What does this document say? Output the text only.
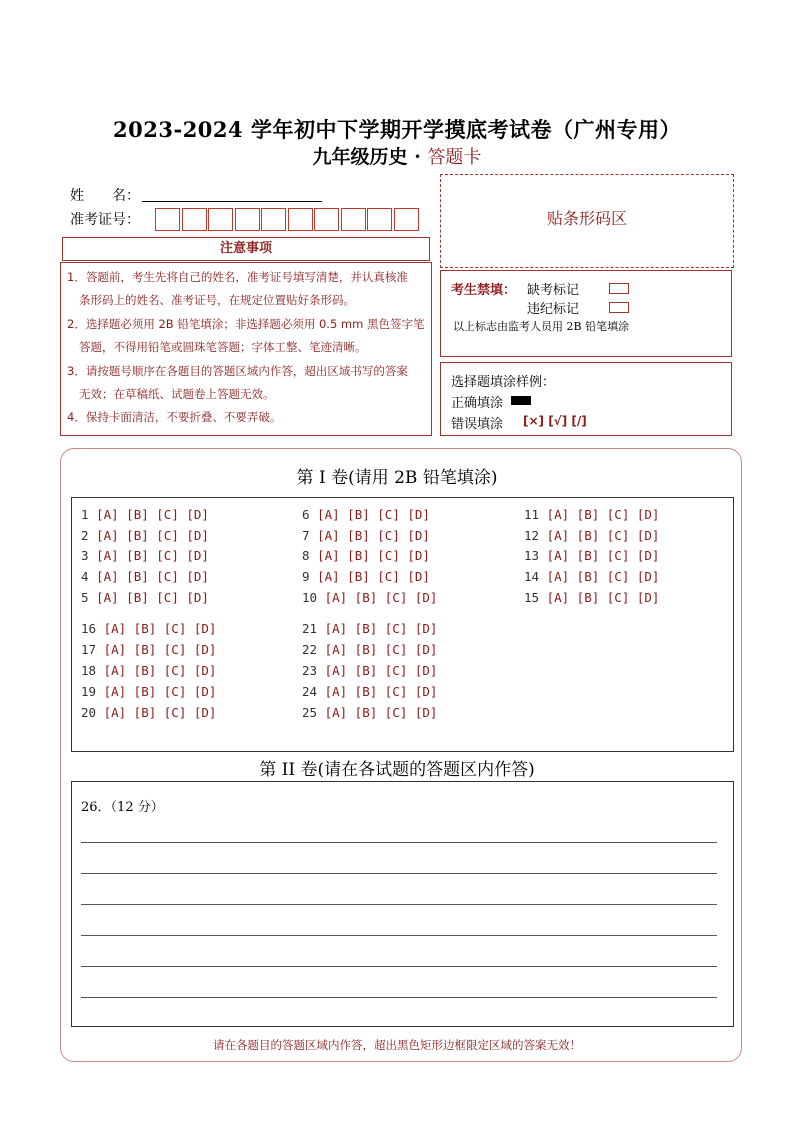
2023-2024 学年初中下学期开学摸底考试卷（广州专用）
九年级历史 · 答题卡
姓　　名：
准考证号：
注意事项
1．答题前，考生先将自己的姓名，准考证号填写清楚，并认真核准
条形码上的姓名、准考证号，在规定位置贴好条形码。
2．选择题必须用 2B 铅笔填涂；非选择题必须用 0.5 mm 黑色签字笔
答题，不得用铅笔或圆珠笔答题；字体工整、笔迹清晰。
3．请按题号顺序在各题目的答题区域内作答，超出区域书写的答案
无效；在草稿纸、试题卷上答题无效。
4．保持卡面清洁，不要折叠、不要弄破。
贴条形码区
考生禁填： 缺考标记
违纪标记
以上标志由监考人员用 2B 铅笔填涂
选择题填涂样例：
正确填涂
错误填涂 [×] [√] [/]
第 I 卷(请用 2B 铅笔填涂)
1 [A] [B] [C] [D]
2 [A] [B] [C] [D]
3 [A] [B] [C] [D]
4 [A] [B] [C] [D]
5 [A] [B] [C] [D]
6 [A] [B] [C] [D]
7 [A] [B] [C] [D]
8 [A] [B] [C] [D]
9 [A] [B] [C] [D]
10 [A] [B] [C] [D]
11 [A] [B] [C] [D]
12 [A] [B] [C] [D]
13 [A] [B] [C] [D]
14 [A] [B] [C] [D]
15 [A] [B] [C] [D]
16 [A] [B] [C] [D]
17 [A] [B] [C] [D]
18 [A] [B] [C] [D]
19 [A] [B] [C] [D]
20 [A] [B] [C] [D]
21 [A] [B] [C] [D]
22 [A] [B] [C] [D]
23 [A] [B] [C] [D]
24 [A] [B] [C] [D]
25 [A] [B] [C] [D]
第 II 卷(请在各试题的答题区内作答)
26．（12 分）
请在各题目的答题区域内作答，超出黑色矩形边框限定区域的答案无效！
